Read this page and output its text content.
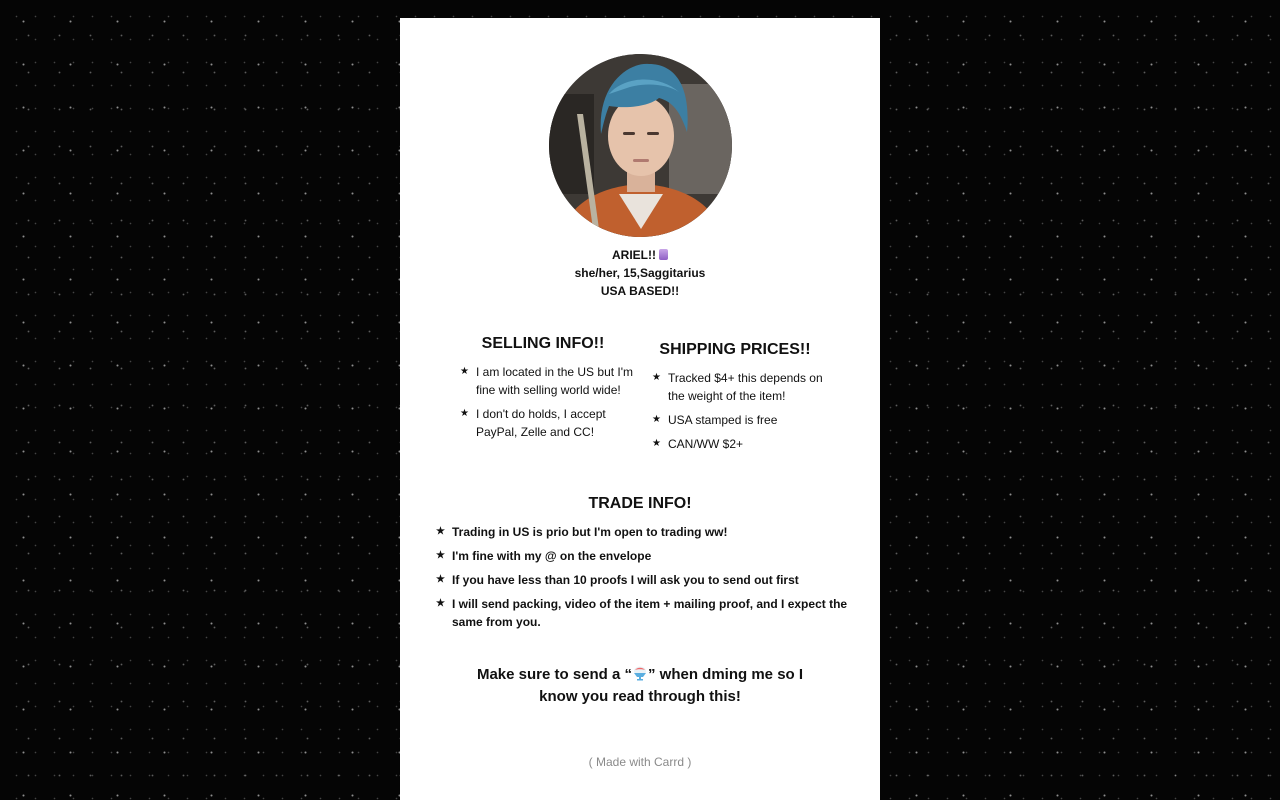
ARIEL!!
she/her, 15,Saggitarius
USA BASED!!
SELLING INFO!!
★ I am located in the US but I'm fine with selling world wide!
★ I don't do holds, I accept PayPal, Zelle and CC!
SHIPPING PRICES!!
★ Tracked $4+ this depends on the weight of the item!
★ USA stamped is free
★ CAN/WW $2+
TRADE INFO!
★ Trading in US is prio but I'm open to trading ww!
★ I'm fine with my @ on the envelope
★ If you have less than 10 proofs I will ask you to send out first
★ I will send packing, video of the item + mailing proof, and I expect the same from you.
Make sure to send a “ ” when dming me so I know you read through this!
( Made with Carrd )
